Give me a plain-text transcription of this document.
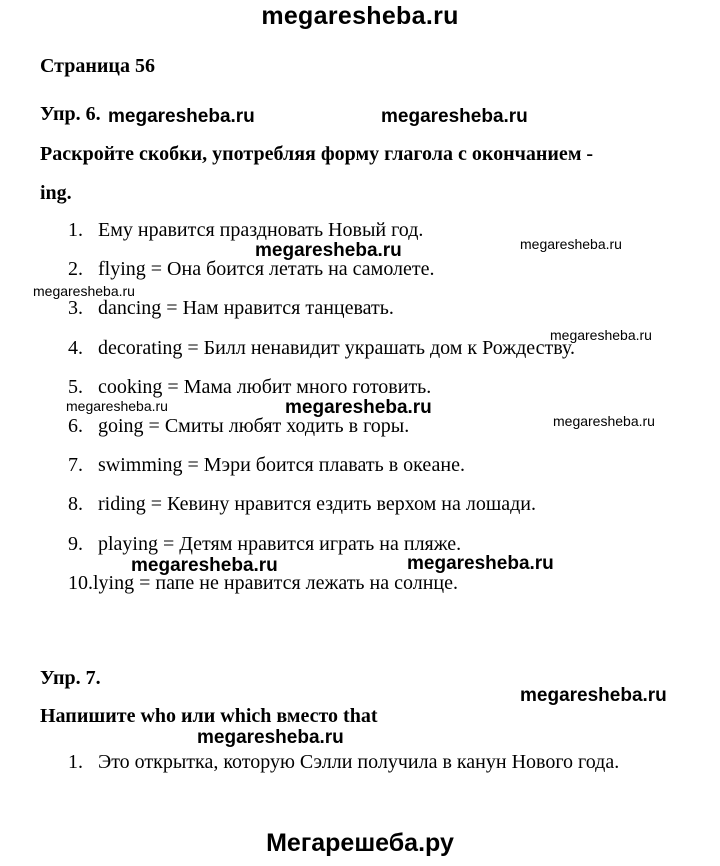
megaresheba.ru
Страница 56
Упр. 6.
Раскройте скобки, употребляя форму глагола с окончанием -
ing.
1. Ему нравится праздновать Новый год.
2. flying = Она боится летать на самолете.
3. dancing = Нам нравится танцевать.
4. decorating = Билл ненавидит украшать дом к Рождеству.
5. cooking = Мама любит много готовить.
6. going = Смиты любят ходить в горы.
7. swimming = Мэри боится плавать в океане.
8. riding = Кевину нравится ездить верхом на лошади.
9. playing = Детям нравится играть на пляже.
10.lying = папе не нравится лежать на солнце.
Упр. 7.
Напишите who или which вместо that
1. Это открытка, которую Сэлли получила в канун Нового года.
megaresheba.ru	megaresheba.ru
megaresheba.ru	megaresheba.ru
megaresheba.ru
megaresheba.ru
megaresheba.ru	megaresheba.ru
megaresheba.ru
megaresheba.ru	megaresheba.ru
megaresheba.ru
megaresheba.ru
Мегарешеба.ру
